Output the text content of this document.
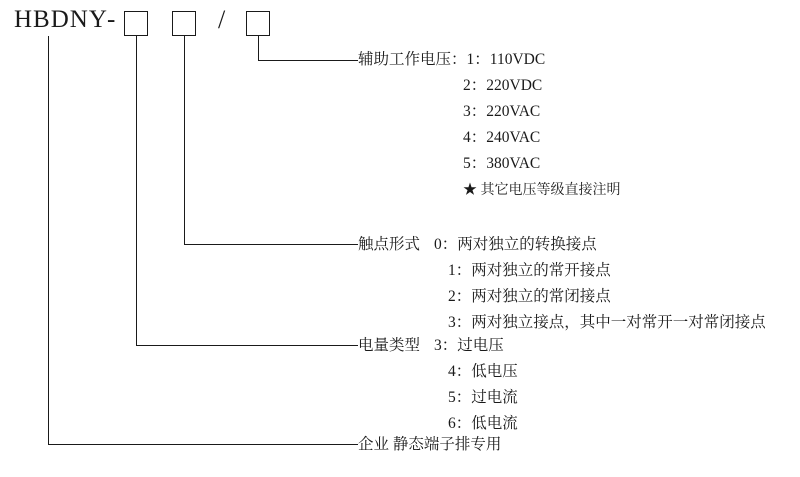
HBDNY -	/
辅助工作电压：1：110VDC
2：220VDC
3：220VAC
4：240VAC
5：380VAC
★ 其它电压等级直接注明
触点形式 0：两对独立的转换接点
1：两对独立的常开接点
2：两对独立的常闭接点
3：两对独立接点，其中一对常开一对常闭接点
电量类型 3：过电压
4：低电压
5：过电流
6：低电流
企业 静态端子排专用
